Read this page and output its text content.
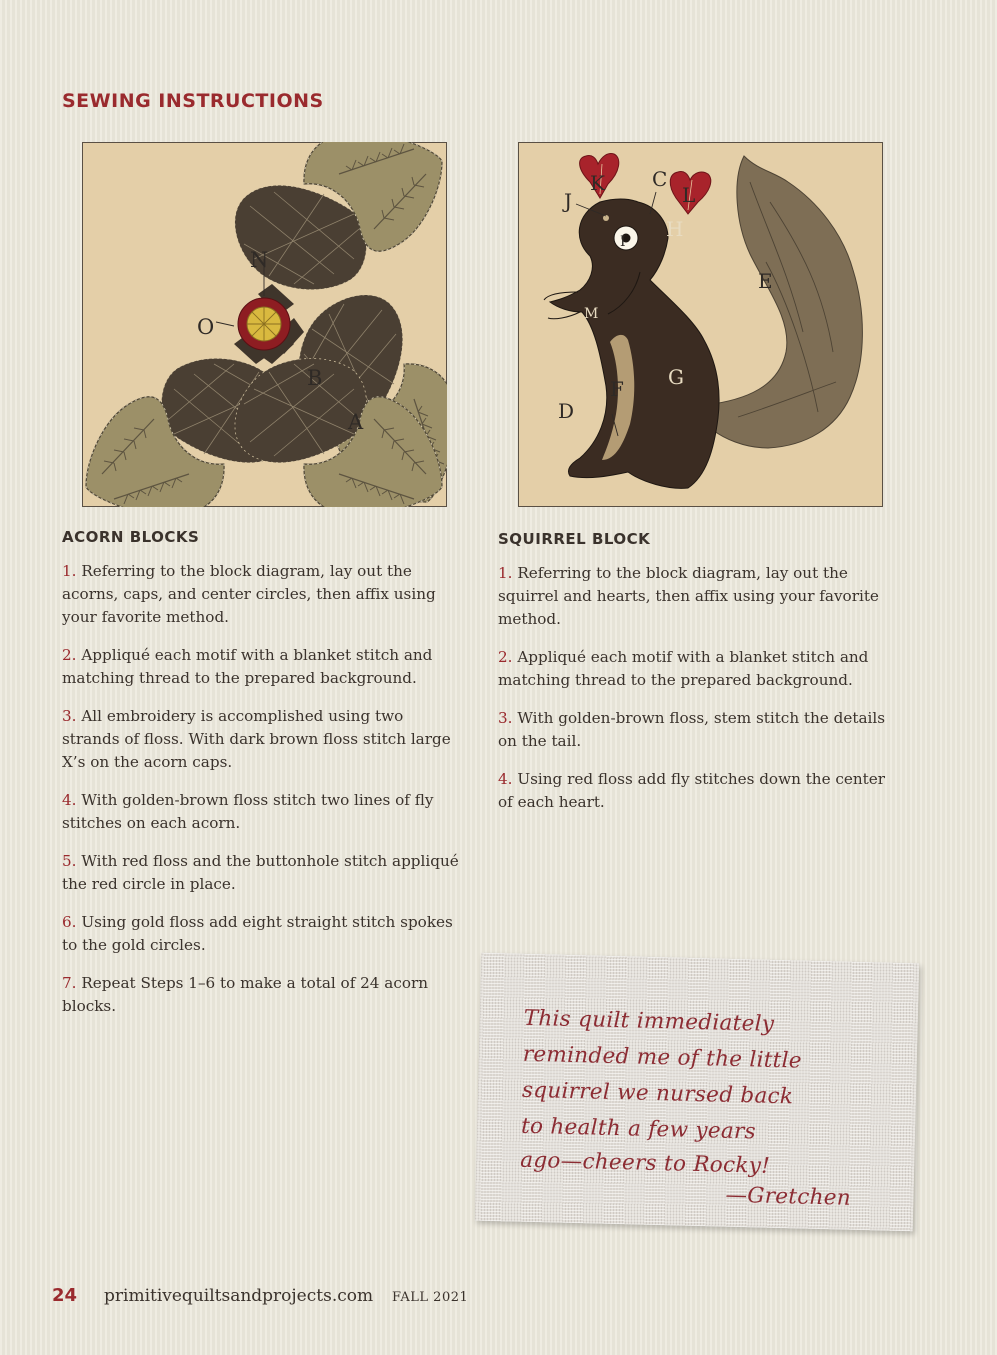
SEWING INSTRUCTIONS
N
O
B
A
K C
L
J
I
H
E
M
F G
D
ACORN BLOCKS
1. Referring to the block diagram, lay out the acorns, caps, and center circles, then affix using your favorite method.
2. Appliqué each motif with a blanket stitch and matching thread to the prepared background.
3. All embroidery is accomplished using two strands of floss. With dark brown floss stitch large X’s on the acorn caps.
4. With golden-brown floss stitch two lines of fly stitches on each acorn.
5. With red floss and the buttonhole stitch appliqué the red circle in place.
6. Using gold floss add eight straight stitch spokes to the gold circles.
7. Repeat Steps 1–6 to make a total of 24 acorn blocks.
SQUIRREL BLOCK
1. Referring to the block diagram, lay out the squirrel and hearts, then affix using your favorite method.
2. Appliqué each motif with a blanket stitch and matching thread to the prepared background.
3. With golden-brown floss, stem stitch the details on the tail.
4. Using red floss add fly stitches down the center of each heart.
This quilt immediately
reminded me of the little
squirrel we nursed back
to health a few years
ago—cheers to Rocky!
—Gretchen
24 primitivequiltsandprojects.com FALL 2021
